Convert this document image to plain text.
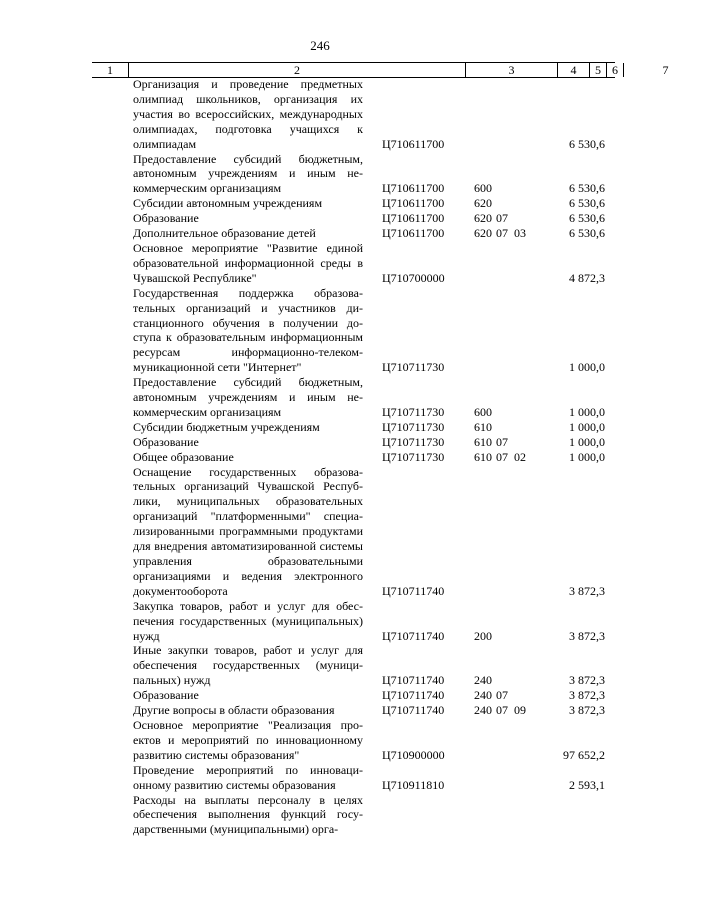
246
1	2	3	4	5 6	7
Организация и проведение предметных олимпиад школьников, организация их участия во всероссийских, международных олимпиадах, подготовка учащихся к олимпиадам	Ц710611700	6 530,6
Предоставление субсидий бюджетным, автономным учреждениям и иным некоммерческим организациям	Ц710611700 600	6 530,6
Субсидии автономным учреждениям	Ц710611700 620	6 530,6
Образование	Ц710611700 620 07	6 530,6
Дополнительное образование детей	Ц710611700 620 07 03	6 530,6
Основное мероприятие "Развитие единой образовательной информационной среды в Чувашской Республике"	Ц710700000	4 872,3
Государственная поддержка образовательных организаций и участников дистанционного обучения в получении доступа к образовательным информационным ресурсам информационно-телекоммуникационной сети "Интернет"	Ц710711730	1 000,0
Предоставление субсидий бюджетным, автономным учреждениям и иным некоммерческим организациям	Ц710711730 600	1 000,0
Субсидии бюджетным учреждениям	Ц710711730 610	1 000,0
Образование	Ц710711730 610 07	1 000,0
Общее образование	Ц710711730 610 07 02	1 000,0
Оснащение государственных образовательных организаций Чувашской Республики, муниципальных образовательных организаций "платформенными" специализированными программными продуктами для внедрения автоматизированной системы управления образовательными организациями и ведения электронного документооборота	Ц710711740	3 872,3
Закупка товаров, работ и услуг для обеспечения государственных (муниципальных) нужд	Ц710711740 200	3 872,3
Иные закупки товаров, работ и услуг для обеспечения государственных (муниципальных) нужд	Ц710711740 240	3 872,3
Образование	Ц710711740 240 07	3 872,3
Другие вопросы в области образования	Ц710711740 240 07 09	3 872,3
Основное мероприятие "Реализация проектов и мероприятий по инновационному развитию системы образования"	Ц710900000	97 652,2
Проведение мероприятий по инновационному развитию системы образования	Ц710911810	2 593,1
Расходы на выплаты персоналу в целях обеспечения выполнения функций государственными (муниципальными) орга-
